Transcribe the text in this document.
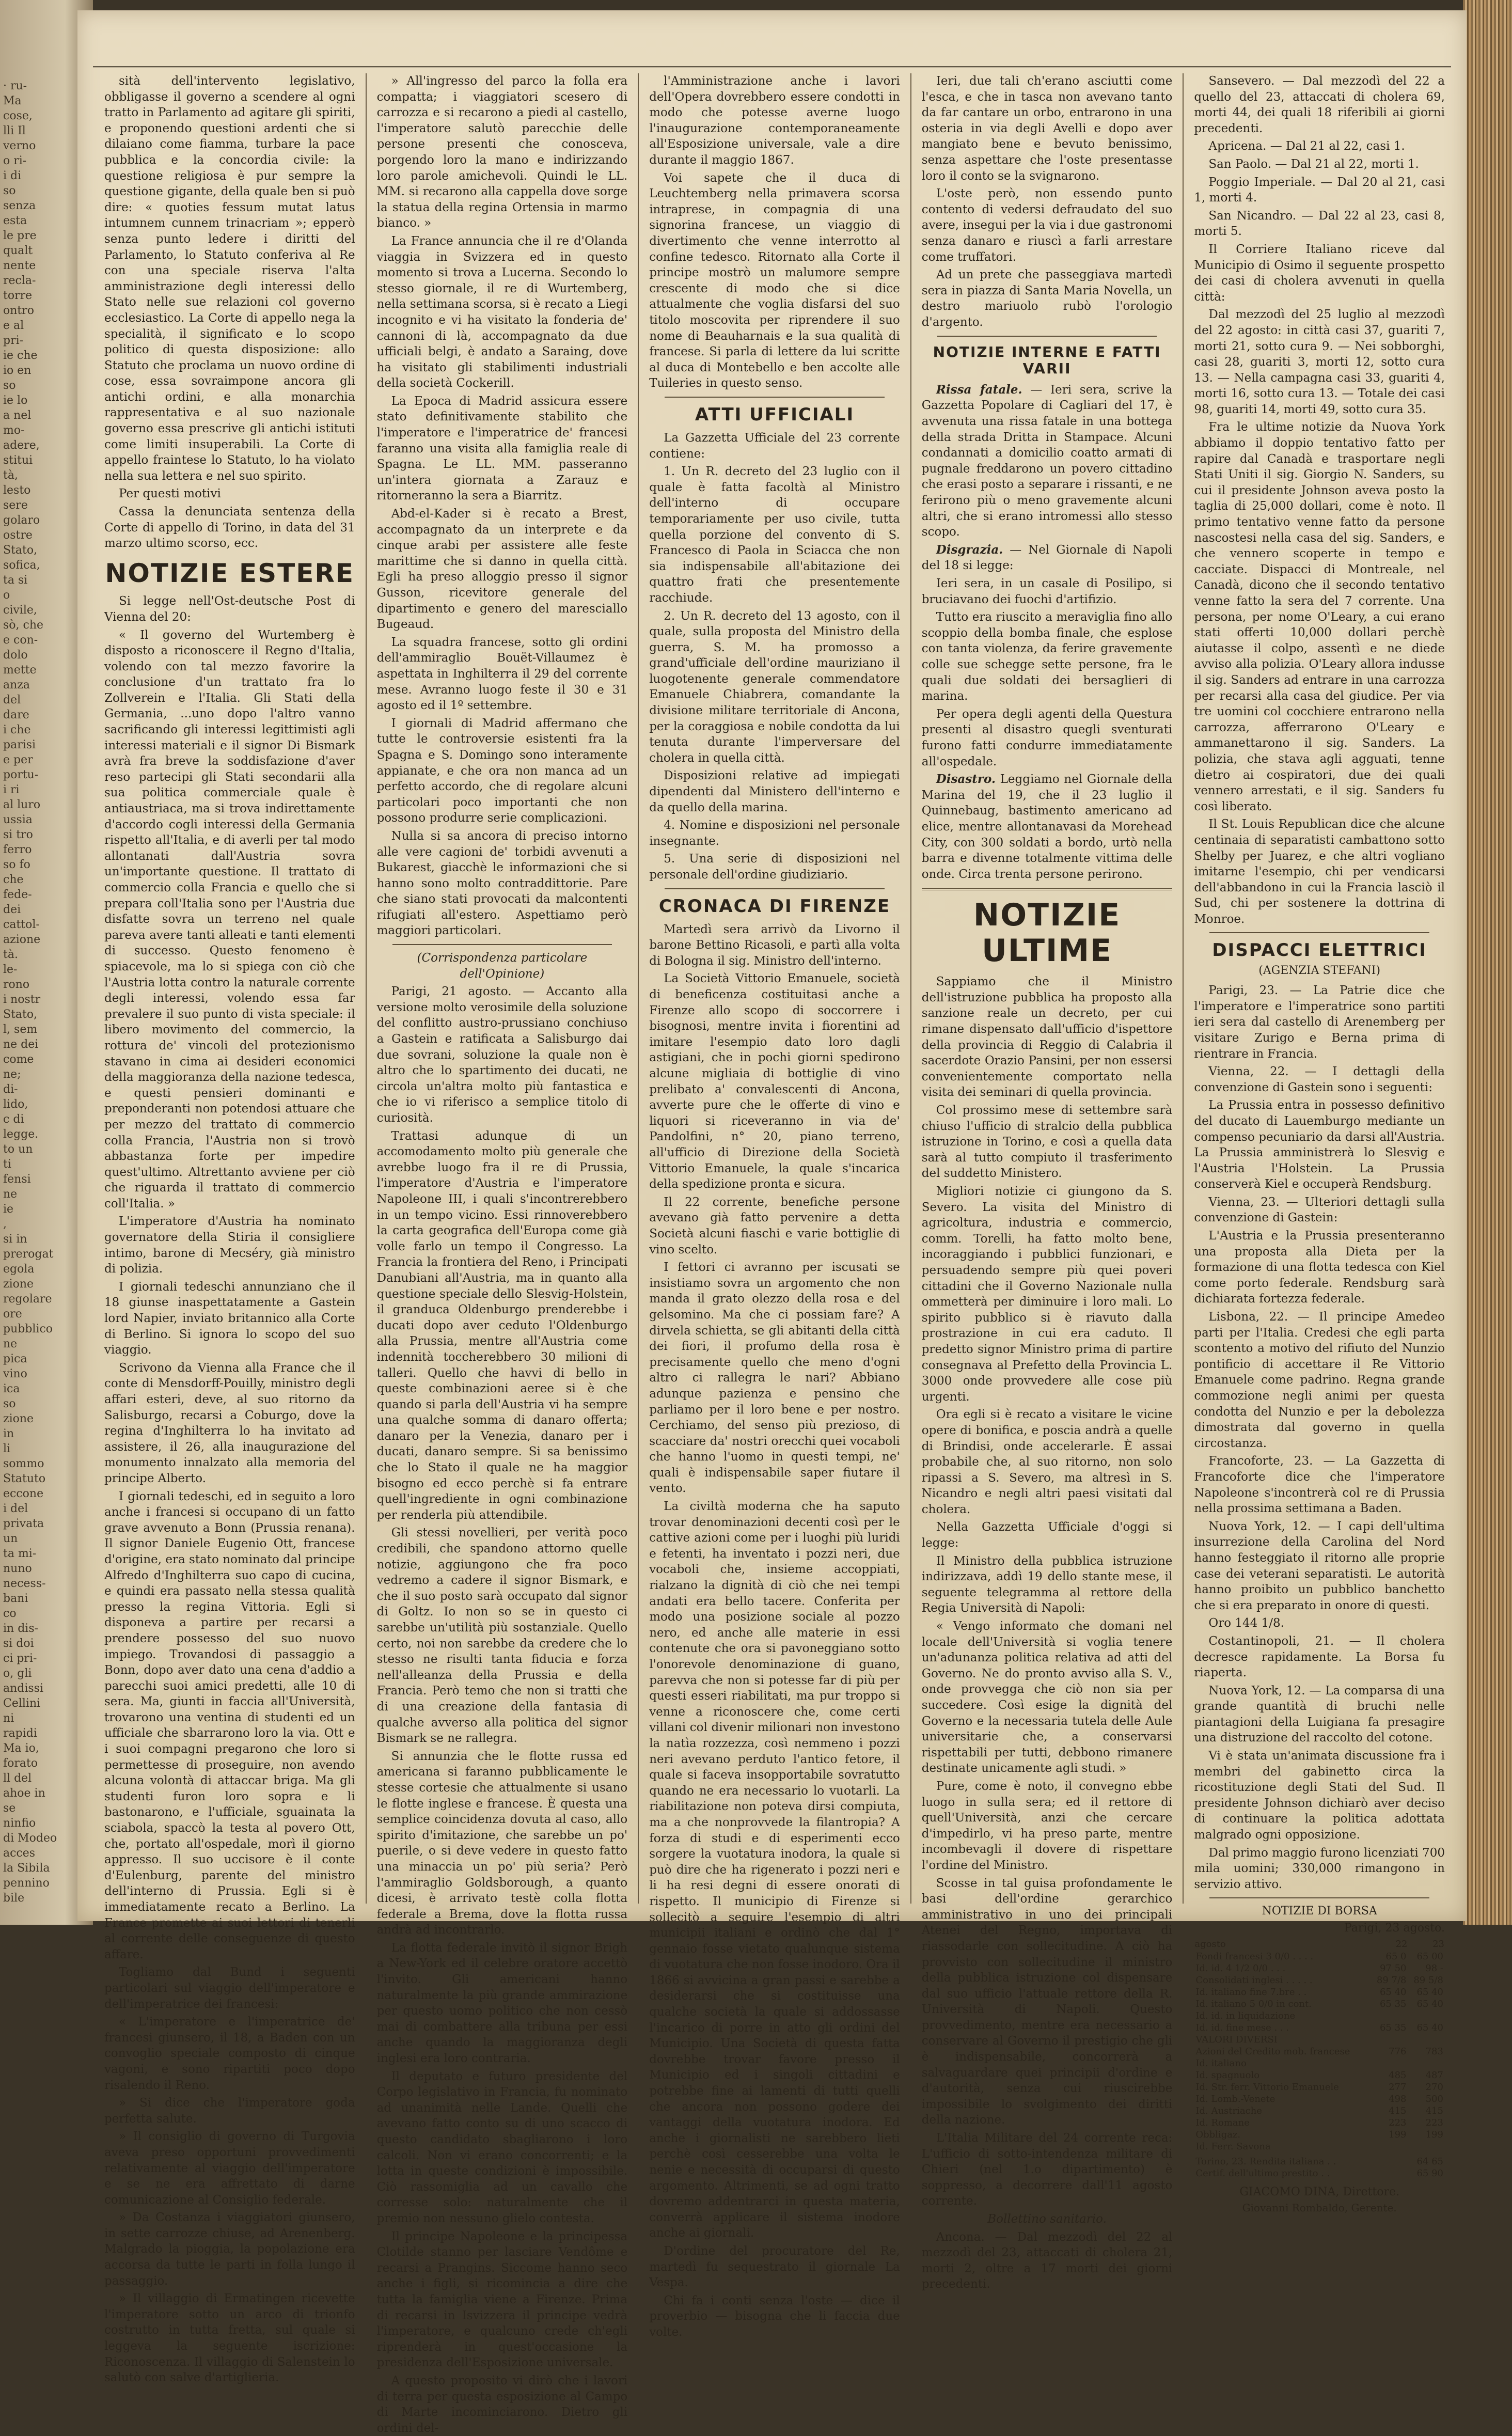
· ru-
Ma
cose,
lli Il
verno
o ri-
i di
so
senza
esta
le pre
qualt
nente
recla-
torre
ontro
e al
pri-
ie che
io en
so
ie lo
a nel
mo-
adere,
stitui
tà,
lesto
sere
golaro
ostre
Stato,
sofica,
ta si
o
civile,
sò, che
e con-
dolo
mette
anza
del
dare
i che
parisi
e per
portu-
i ri
al luro
ussia
si tro
ferro
so fo
che
fede-
dei
cattol-
azione
tà.
le-
rono
i nostr
Stato,
l, sem
ne dei
come
ne;
di-
lido,
c di
legge.
to un
ti
fensi
ne
ie
,
si in
prerogat
egola
zione
regolare
ore
pubblico
ne
pica
vino
ica
so
zione
in
li
sommo
Statuto
eccone
i del
privata
un
ta mi-
nuno
necess-
bani
co
in dis-
si doi
ci pri-
o, gli
andissi
Cellini
ni
rapidi
Ma io,
forato
ll del
ahoe in
se
ninfio
di Modeo
acces
la Sibila
pennino
bile

sità dell'intervento legislativo, obbligasse il governo a scendere al ogni tratto in Parlamento ad agitare gli spiriti, e proponendo questioni ardenti che si dilaiano come fiamma, turbare la pace pubblica e la concordia civile: la questione religiosa è pur sempre la questione gigante, della quale ben si può dire: « quoties fessum mutat latus intumnem cunnem trinacriam »; epperò senza punto ledere i diritti del Parlamento, lo Statuto conferiva al Re con una speciale riserva l'alta amministrazione degli interessi dello Stato nelle sue relazioni col governo ecclesiastico. La Corte di appello nega la specialità, il significato e lo scopo politico di questa disposizione: allo Statuto che proclama un nuovo ordine di cose, essa sovraimpone ancora gli antichi ordini, e alla monarchia rappresentativa e al suo nazionale governo essa prescrive gli antichi istituti come limiti insuperabili. La Corte di appello fraintese lo Statuto, lo ha violato nella sua lettera e nel suo spirito.

Per questi motivi

Cassa la denunciata sentenza della Corte di appello di Torino, in data del 31 marzo ultimo scorso, ecc.

NOTIZIE ESTERE

Si legge nell'Ost-deutsche Post di Vienna del 20:

« Il governo del Wurtemberg è disposto a riconoscere il Regno d'Italia, volendo con tal mezzo favorire la conclusione d'un trattato fra lo Zollverein e l'Italia. Gli Stati della Germania, ...uno dopo l'altro vanno sacrificando gli interessi legittimisti agli interessi materiali e il signor Di Bismark avrà fra breve la soddisfazione d'aver reso partecipi gli Stati secondarii alla sua politica commerciale quale è antiaustriaca, ma si trova indirettamente d'accordo cogli interessi della Germania rispetto all'Italia, e di averli per tal modo allontanati dall'Austria sovra un'importante questione. Il trattato di commercio colla Francia e quello che si prepara coll'Italia sono per l'Austria due disfatte sovra un terreno nel quale pareva avere tanti alleati e tanti elementi di successo. Questo fenomeno è spiacevole, ma lo si spiega con ciò che l'Austria lotta contro la naturale corrente degli interessi, volendo essa far prevalere il suo punto di vista speciale: il libero movimento del commercio, la rottura de' vincoli del protezionismo stavano in cima ai desideri economici della maggioranza della nazione tedesca, e questi pensieri dominanti e preponderanti non potendosi attuare che per mezzo del trattato di commercio colla Francia, l'Austria non si trovò abbastanza forte per impedire quest'ultimo. Altrettanto avviene per ciò che riguarda il trattato di commercio coll'Italia. »

L'imperatore d'Austria ha nominato governatore della Stiria il consigliere intimo, barone di Mecséry, già ministro di polizia.

I giornali tedeschi annunziano che il 18 giunse inaspettatamente a Gastein lord Napier, inviato britannico alla Corte di Berlino. Si ignora lo scopo del suo viaggio.

Scrivono da Vienna alla France che il conte di Mensdorff-Pouilly, ministro degli affari esteri, deve, al suo ritorno da Salisburgo, recarsi a Coburgo, dove la regina d'Inghilterra lo ha invitato ad assistere, il 26, alla inaugurazione del monumento innalzato alla memoria del principe Alberto.

I giornali tedeschi, ed in seguito a loro anche i francesi si occupano di un fatto grave avvenuto a Bonn (Prussia renana). Il signor Daniele Eugenio Ott, francese d'origine, era stato nominato dal principe Alfredo d'Inghilterra suo capo di cucina, e quindi era passato nella stessa qualità presso la regina Vittoria. Egli si disponeva a partire per recarsi a prendere possesso del suo nuovo impiego. Trovandosi di passaggio a Bonn, dopo aver dato una cena d'addio a parecchi suoi amici predetti, alle 10 di sera. Ma, giunti in faccia all'Università, trovarono una ventina di studenti ed un ufficiale che sbarrarono loro la via. Ott e i suoi compagni pregarono che loro si permettesse di proseguire, non avendo alcuna volontà di attaccar briga. Ma gli studenti furon loro sopra e li bastonarono, e l'ufficiale, sguainata la sciabola, spaccò la testa al povero Ott, che, portato all'ospedale, morì il giorno appresso. Il suo uccisore è il conte d'Eulenburg, parente del ministro dell'interno di Prussia. Egli si è immediatamente recato a Berlino. La France promette ai suoi lettori di tenerli al corrente delle conseguenze di questo affare.

Togliamo dal Bund i seguenti particolari sul viaggio dell'imperatore e dell'imperatrice dei francesi:

« L'imperatore e l'imperatrice de' francesi giunsero, il 18, a Baden con un convoglio speciale composto di cinque vagoni, e sono ripartiti poco dopo risalendo il Reno.

» Si dice che l'imperatore goda perfetta salute.

» Il consiglio di governo di Turgovia aveva preso opportuni provvedimenti relativamente al viaggio dell'imperatore e se ne era affrettato di darne comunicazione al Consiglio federale.

» Da Costanza i viaggiatori giunsero, in sette carrozze chiuse, ad Arenenberg. Malgrado la pioggia, la popolazione era accorsa da tutte le parti in folla lungo il passaggio.

» Il villaggio di Ermatingen ricevette l'imperatore sotto un arco di trionfo costrutto in tutta fretta, sul quale si leggeva la seguente iscrizione: Riconoscenza. Il villaggio di Salenstein lo salutò con salve d'artiglieria.

» All'ingresso del parco la folla era compatta; i viaggiatori scesero di carrozza e si recarono a piedi al castello, l'imperatore salutò parecchie delle persone presenti che conosceva, porgendo loro la mano e indirizzando loro parole amichevoli. Quindi le LL. MM. si recarono alla cappella dove sorge la statua della regina Ortensia in marmo bianco. »

La France annuncia che il re d'Olanda viaggia in Svizzera ed in questo momento si trova a Lucerna. Secondo lo stesso giornale, il re di Wurtemberg, nella settimana scorsa, si è recato a Liegi incognito e vi ha visitato la fonderia de' cannoni di là, accompagnato da due ufficiali belgi, è andato a Saraing, dove ha visitato gli stabilimenti industriali della società Cockerill.

La Epoca di Madrid assicura essere stato definitivamente stabilito che l'imperatore e l'imperatrice de' francesi faranno una visita alla famiglia reale di Spagna. Le LL. MM. passeranno un'intera giornata a Zarauz e ritorneranno la sera a Biarritz.

Abd-el-Kader si è recato a Brest, accompagnato da un interprete e da cinque arabi per assistere alle feste marittime che si danno in quella città. Egli ha preso alloggio presso il signor Gusson, ricevitore generale del dipartimento e genero del maresciallo Bugeaud.

La squadra francese, sotto gli ordini dell'ammiraglio Bouët-Villaumez è aspettata in Inghilterra il 29 del corrente mese. Avranno luogo feste il 30 e 31 agosto ed il 1º settembre.

I giornali di Madrid affermano che tutte le controversie esistenti fra la Spagna e S. Domingo sono interamente appianate, e che ora non manca ad un perfetto accordo, che di regolare alcuni particolari poco importanti che non possono produrre serie complicazioni.

Nulla si sa ancora di preciso intorno alle vere cagioni de' torbidi avvenuti a Bukarest, giacchè le informazioni che si hanno sono molto contraddittorie. Pare che siano stati provocati da malcontenti rifugiati all'estero. Aspettiamo però maggiori particolari.

(Corrispondenza particolare dell'Opinione)

Parigi, 21 agosto. — Accanto alla versione molto verosimile della soluzione del conflitto austro-prussiano conchiuso a Gastein e ratificata a Salisburgo dai due sovrani, soluzione la quale non è altro che lo spartimento dei ducati, ne circola un'altra molto più fantastica e che io vi riferisco a semplice titolo di curiosità.

Trattasi adunque di un accomodamento molto più generale che avrebbe luogo fra il re di Prussia, l'imperatore d'Austria e l'imperatore Napoleone III, i quali s'incontrerebbero in un tempo vicino. Essi rinnoverebbero la carta geografica dell'Europa come già volle farlo un tempo il Congresso. La Francia la frontiera del Reno, i Principati Danubiani all'Austria, ma in quanto alla questione speciale dello Slesvig-Holstein, il granduca Oldenburgo prenderebbe i ducati dopo aver ceduto l'Oldenburgo alla Prussia, mentre all'Austria come indennità toccherebbero 30 milioni di talleri. Quello che havvi di bello in queste combinazioni aeree si è che quando si parla dell'Austria vi ha sempre una qualche somma di danaro offerta; danaro per la Venezia, danaro per i ducati, danaro sempre. Si sa benissimo che lo Stato il quale ne ha maggior bisogno ed ecco perchè si fa entrare quell'ingrediente in ogni combinazione per renderla più attendibile.

Gli stessi novellieri, per verità poco credibili, che spandono attorno quelle notizie, aggiungono che fra poco vedremo a cadere il signor Bismark, e che il suo posto sarà occupato dal signor di Goltz. Io non so se in questo ci sarebbe un'utilità più sostanziale. Quello certo, noi non sarebbe da credere che lo stesso ne risulti tanta fiducia e forza nell'alleanza della Prussia e della Francia. Però temo che non si tratti che di una creazione della fantasia di qualche avverso alla politica del signor Bismark se ne rallegra.

Si annunzia che le flotte russa ed americana si faranno pubblicamente le stesse cortesie che attualmente si usano le flotte inglese e francese. È questa una semplice coincidenza dovuta al caso, allo spirito d'imitazione, che sarebbe un po' puerile, o si deve vedere in questo fatto una minaccia un po' più seria? Però l'ammiraglio Goldsborough, a quanto dicesi, è arrivato testè colla flotta federale a Brema, dove la flotta russa andrà ad incontrarlo.

La flotta federale invitò il signor Brigh a New-York ed il celebre oratore accettò l'invito. Gli americani hanno naturalmente la più grande ammirazione per questo uomo politico che non cessò mai di combattere alla tribuna per essi anche quando la maggioranza degli inglesi era loro contraria.

Il deputato e futuro presidente del Corpo legislativo in Francia, fu nominato ad unanimità nelle Lande. Quelli che avevano fatto conto su di uno scacco di questo candidato sbagliarono i loro calcoli. Non vi erano concorrenti; e la lotta in queste condizioni è impossibile. Ciò rassomiglia ad un cavallo che corresse solo: naturalmente che il premio non nessuno glielo contesta.

Il principe Napoleone e la principessa Clotilde stanno per lasciare Vendôme e recarsi a Prangins. Siccome hanno seco anche i figli, si ricomincia a dire che tutta la famiglia viene a Firenze. Prima di recarsi in Isvizzera il principe vedrà l'imperatore, e qualcuno crede ch'egli riprenderà in quest'occasione la presidenza dell'Esposizione universale.

A questo proposito vi dirò che i lavori di terra per questa esposizione al Campo di Marte incominciarono. Dietro gli ordini del-

l'Amministrazione anche i lavori dell'Opera dovrebbero essere condotti in modo che potesse averne luogo l'inaugurazione contemporaneamente all'Esposizione universale, vale a dire durante il maggio 1867.

Voi sapete che il duca di Leuchtemberg nella primavera scorsa intraprese, in compagnia di una signorina francese, un viaggio di divertimento che venne interrotto al confine tedesco. Ritornato alla Corte il principe mostrò un malumore sempre crescente di modo che si dice attualmente che voglia disfarsi del suo titolo moscovita per riprendere il suo nome di Beauharnais e la sua qualità di francese. Si parla di lettere da lui scritte al duca di Montebello e ben accolte alle Tuileries in questo senso.

ATTI UFFICIALI

La Gazzetta Ufficiale del 23 corrente contiene:

1. Un R. decreto del 23 luglio con il quale è fatta facoltà al Ministro dell'interno di occupare temporariamente per uso civile, tutta quella porzione del convento di S. Francesco di Paola in Sciacca che non sia indispensabile all'abitazione dei quattro frati che presentemente racchiude.

2. Un R. decreto del 13 agosto, con il quale, sulla proposta del Ministro della guerra, S. M. ha promosso a grand'ufficiale dell'ordine mauriziano il luogotenente generale commendatore Emanuele Chiabrera, comandante la divisione militare territoriale di Ancona, per la coraggiosa e nobile condotta da lui tenuta durante l'imperversare del cholera in quella città.

Disposizioni relative ad impiegati dipendenti dal Ministero dell'interno e da quello della marina.

4. Nomine e disposizioni nel personale insegnante.

5. Una serie di disposizioni nel personale dell'ordine giudiziario.

CRONACA DI FIRENZE

Martedì sera arrivò da Livorno il barone Bettino Ricasoli, e partì alla volta di Bologna il sig. Ministro dell'interno.

La Società Vittorio Emanuele, società di beneficenza costituitasi anche a Firenze allo scopo di soccorrere i bisognosi, mentre invita i fiorentini ad imitare l'esempio dato loro dagli astigiani, che in pochi giorni spedirono alcune migliaia di bottiglie di vino prelibato a' convalescenti di Ancona, avverte pure che le offerte di vino e liquori si riceveranno in via de' Pandolfini, n° 20, piano terreno, all'ufficio di Direzione della Società Vittorio Emanuele, la quale s'incarica della spedizione pronta e sicura.

Il 22 corrente, benefiche persone avevano già fatto pervenire a detta Società alcuni fiaschi e varie bottiglie di vino scelto.

I fettori ci avranno per iscusati se insistiamo sovra un argomento che non manda il grato olezzo della rosa e del gelsomino. Ma che ci possiam fare? A dirvela schietta, se gli abitanti della città dei fiori, il profumo della rosa è precisamente quello che meno d'ogni altro ci rallegra le nari? Abbiano adunque pazienza e pensino che parliamo per il loro bene e per nostro. Cerchiamo, del senso più prezioso, di scacciare da' nostri orecchi quei vocaboli che hanno l'uomo in questi tempi, ne' quali è indispensabile saper fiutare il vento.

La civiltà moderna che ha saputo trovar denominazioni decenti così per le cattive azioni come per i luoghi più luridi e fetenti, ha inventato i pozzi neri, due vocaboli che, insieme accoppiati, rialzano la dignità di ciò che nei tempi andati era bello tacere. Conferita per modo una posizione sociale al pozzo nero, ed anche alle materie in essi contenute che ora si pavoneggiano sotto l'onorevole denominazione di guano, parevva che non si potesse far di più per questi esseri riabilitati, ma pur troppo si venne a riconoscere che, come certi villani col divenir milionari non investono la natìa rozzezza, così nemmeno i pozzi neri avevano perduto l'antico fetore, il quale si faceva insopportabile sovratutto quando ne era necessario lo vuotarli. La riabilitazione non poteva dirsi compiuta, ma a che nonprovvede la filantropia? A forza di studi e di esperimenti ecco sorgere la vuotatura inodora, la quale si può dire che ha rigenerato i pozzi neri e li ha resi degni di essere onorati di rispetto. Il municipio di Firenze si sollecitò a seguire l'esempio di altri municipii italiani e ordinò che dal 1° gennaio fosse vietato qualunque sistema di vuotatura che non fosse inodoro. Ora il 1866 si avvicina a gran passi e sarebbe a desiderarsi che si costituisse una qualche società la quale si addossasse l'incarico di porre in atto gli ordini del Municipio. Una Società di questa fatta dovrebbe trovar favore presso il Municipio ed i singoli cittadini e potrebbe fine ai lamenti di tutti quelli che ancora non possono godere dei vantaggi della vuotatura inodora. Ed anche i giornalisti ne sarebbero lieti perchè così cesserebbe una volta le nenie e necessità di occuparsi di questo argomento. Altrimenti, se ad ogni tratto dovremo addentrarci in questa materia, converrà applicare il sistema inodore anche ai giornali.

D'ordine del procuratore del Re, martedì fu sequestrato il giornale La Vespa.

Chi fa i conti senza l'oste — dice il proverbio — bisogna che li faccia due volte.

Ieri, due tali ch'erano asciutti come l'esca, e che in tasca non avevano tanto da far cantare un orbo, entrarono in una osteria in via degli Avelli e dopo aver mangiato bene e bevuto benissimo, senza aspettare che l'oste presentasse loro il conto se la svignarono.

L'oste però, non essendo punto contento di vedersi defraudato del suo avere, insegui per la via i due gastronomi senza danaro e riuscì a farli arrestare come truffatori.

Ad un prete che passeggiava martedì sera in piazza di Santa Maria Novella, un destro mariuolo rubò l'orologio d'argento.

NOTIZIE INTERNE E FATTI VARII

Rissa fatale. — Ieri sera, scrive la Gazzetta Popolare di Cagliari del 17, è avvenuta una rissa fatale in una bottega della strada Dritta in Stampace. Alcuni condannati a domicilio coatto armati di pugnale freddarono un povero cittadino che erasi posto a separare i rissanti, e ne ferirono più o meno gravemente alcuni altri, che si erano intromessi allo stesso scopo.

Disgrazia. — Nel Giornale di Napoli del 18 si legge:

Ieri sera, in un casale di Posilipo, si bruciavano dei fuochi d'artifizio.

Tutto era riuscito a meraviglia fino allo scoppio della bomba finale, che esplose con tanta violenza, da ferire gravemente colle sue schegge sette persone, fra le quali due soldati dei bersaglieri di marina.

Per opera degli agenti della Questura presenti al disastro quegli sventurati furono fatti condurre immediatamente all'ospedale.

Disastro. Leggiamo nel Giornale della Marina del 19, che il 23 luglio il Quinnebaug, bastimento americano ad elice, mentre allontanavasi da Morehead City, con 300 soldati a bordo, urtò nella barra e divenne totalmente vittima delle onde. Circa trenta persone perirono.

NOTIZIE ULTIME

Sappiamo che il Ministro dell'istruzione pubblica ha proposto alla sanzione reale un decreto, per cui rimane dispensato dall'ufficio d'ispettore della provincia di Reggio di Calabria il sacerdote Orazio Pansini, per non essersi convenientemente comportato nella visita dei seminari di quella provincia.

Col prossimo mese di settembre sarà chiuso l'ufficio di stralcio della pubblica istruzione in Torino, e così a quella data sarà al tutto compiuto il trasferimento del suddetto Ministero.

Migliori notizie ci giungono da S. Severo. La visita del Ministro di agricoltura, industria e commercio, comm. Torelli, ha fatto molto bene, incoraggiando i pubblici funzionari, e persuadendo sempre più quei poveri cittadini che il Governo Nazionale nulla ommetterà per diminuire i loro mali. Lo spirito pubblico si è riavuto dalla prostrazione in cui era caduto. Il predetto signor Ministro prima di partire consegnava al Prefetto della Provincia L. 3000 onde provvedere alle cose più urgenti.

Ora egli si è recato a visitare le vicine opere di bonifica, e poscia andrà a quelle di Brindisi, onde accelerarle. È assai probabile che, al suo ritorno, non solo ripassi a S. Severo, ma altresì in S. Nicandro e negli altri paesi visitati dal cholera.

Nella Gazzetta Ufficiale d'oggi si legge:

Il Ministro della pubblica istruzione indirizzava, addì 19 dello stante mese, il seguente telegramma al rettore della Regia Università di Napoli:

« Vengo informato che domani nel locale dell'Università si voglia tenere un'adunanza politica relativa ad atti del Governo. Ne do pronto avviso alla S. V., onde provvegga che ciò non sia per succedere. Così esige la dignità del Governo e la necessaria tutela delle Aule universitarie che, a conservarsi rispettabili per tutti, debbono rimanere destinate unicamente agli studi. »

Pure, come è noto, il convegno ebbe luogo in sulla sera; ed il rettore di quell'Università, anzi che cercare d'impedirlo, vi ha preso parte, mentre incombevagli il dovere di rispettare l'ordine del Ministro.

Scosse in tal guisa profondamente le basi dell'ordine gerarchico amministrativo in uno dei principali Atenei del Regno, importava di riassodarle con sollecitudine. A ciò ha provvisto con sollecitudine il ministro della pubblica istruzione col dispensare dal suo ufficio l'attuale rettore della R. Università di Napoli. Questo provvedimento, mentre era necessario a conservare al Governo il prestigio che gli è indispensabile, concorrerà a salvaguardare quei principii d'ordine e d'autorità, senza cui riuscirebbe impossibile lo svolgimento dei diritti della nazione.

L'Italia Militare del 24 corrente reca: L'ufficio di sotto-intendenza militare di Chieri (nel 1.o dipartimento) è soppresso, a decorrere dall'11 agosto corrente.

Bollettino sanitario.

Ancona. — Dal mezzodì del 22 al mezzodì del 23, attaccati di cholera 21, morti 2, oltre a 17 morti dei giorni precedenti.

Sansevero. — Dal mezzodì del 22 a quello del 23, attaccati di cholera 69, morti 44, dei quali 18 riferibili ai giorni precedenti.

Apricena. — Dal 21 al 22, casi 1.

San Paolo. — Dal 21 al 22, morti 1.

Poggio Imperiale. — Dal 20 al 21, casi 1, morti 4.

San Nicandro. — Dal 22 al 23, casi 8, morti 5.

Il Corriere Italiano riceve dal Municipio di Osimo il seguente prospetto dei casi di cholera avvenuti in quella città:

Dal mezzodì del 25 luglio al mezzodì del 22 agosto: in città casi 37, guariti 7, morti 21, sotto cura 9. — Nei sobborghi, casi 28, guariti 3, morti 12, sotto cura 13. — Nella campagna casi 33, guariti 4, morti 16, sotto cura 13. — Totale dei casi 98, guariti 14, morti 49, sotto cura 35.

Fra le ultime notizie da Nuova York abbiamo il doppio tentativo fatto per rapire dal Canadà e trasportare negli Stati Uniti il sig. Giorgio N. Sanders, su cui il presidente Johnson aveva posto la taglia di 25,000 dollari, come è noto. Il primo tentativo venne fatto da persone nascostesi nella casa del sig. Sanders, e che vennero scoperte in tempo e cacciate. Dispacci di Montreale, nel Canadà, dicono che il secondo tentativo venne fatto la sera del 7 corrente. Una persona, per nome O'Leary, a cui erano stati offerti 10,000 dollari perchè aiutasse il colpo, assentì e ne diede avviso alla polizia. O'Leary allora indusse il sig. Sanders ad entrare in una carrozza per recarsi alla casa del giudice. Per via tre uomini col cocchiere entrarono nella carrozza, afferrarono O'Leary e ammanettarono il sig. Sanders. La polizia, che stava agli agguati, tenne dietro ai cospiratori, due dei quali vennero arrestati, e il sig. Sanders fu così liberato.

Il St. Louis Republican dice che alcune centinaia di separatisti cambattono sotto Shelby per Juarez, e che altri vogliano imitarne l'esempio, chi per vendicarsi dell'abbandono in cui la Francia lasciò il Sud, chi per sostenere la dottrina di Monroe.

DISPACCI ELETTRICI
(AGENZIA STEFANI)

Parigi, 23. — La Patrie dice che l'imperatore e l'imperatrice sono partiti ieri sera dal castello di Arenemberg per visitare Zurigo e Berna prima di rientrare in Francia.

Vienna, 22. — I dettagli della convenzione di Gastein sono i seguenti:

La Prussia entra in possesso definitivo del ducato di Lauemburgo mediante un compenso pecuniario da darsi all'Austria. La Prussia amministrerà lo Slesvig e l'Austria l'Holstein. La Prussia conserverà Kiel e occuperà Rendsburg.

Vienna, 23. — Ulteriori dettagli sulla convenzione di Gastein:

L'Austria e la Prussia presenteranno una proposta alla Dieta per la formazione di una flotta tedesca con Kiel come porto federale. Rendsburg sarà dichiarata fortezza federale.

Lisbona, 22. — Il principe Amedeo parti per l'Italia. Credesi che egli parta scontento a motivo del rifiuto del Nunzio pontificio di accettare il Re Vittorio Emanuele come padrino. Regna grande commozione negli animi per questa condotta del Nunzio e per la debolezza dimostrata dal governo in quella circostanza.

Francoforte, 23. — La Gazzetta di Francoforte dice che l'imperatore Napoleone s'incontrerà col re di Prussia nella prossima settimana a Baden.

Nuova York, 12. — I capi dell'ultima insurrezione della Carolina del Nord hanno festeggiato il ritorno alle proprie case dei veterani separatisti. Le autorità hanno proibito un pubblico banchetto che si era preparato in onore di questi.

Oro 144 1/8.

Costantinopoli, 21. — Il cholera decresce rapidamente. La Borsa fu riaperta.

Nuova York, 12. — La comparsa di una grande quantità di bruchi nelle piantagioni della Luigiana fa presagire una distruzione del raccolto del cotone.

Vi è stata un'animata discussione fra i membri del gabinetto circa la ricostituzione degli Stati del Sud. Il presidente Johnson dichiarò aver deciso di continuare la politica adottata malgrado ogni opposizione.

Dal primo maggio furono licenziati 700 mila uomini; 330,000 rimangono in servizio attivo.

NOTIZIE DI BORSA
Parigi, 23 agosto.
agosto	22	23
Fondi francesi 3 0/0 . . . .	65 0	65 00
Id. id. 4 1/2 0/0 . . .	97 50	98 -
Consolidati inglesi . . . . .	89 7/8	89 5/8
Id. italiano fine 7.bre . .	65 40	65 40
Id. italiano 5 0/0 in cont.	65 35	65 40
Id. id. in liquidazione		
Id. id. fine mese . . .	65 35	65 40
VALORI DIVERSI		
Azioni del Credito mob. francese	776	783
Id. italiano		
Id. spagnuolo	485	487
Id. Str. ferr. Vittorio Emanuele	277	270
Id. Lomb.-Venete	498	500
Id. Austriache	415	415
Id. Romane	223	223
Obbligaz.	199	199
Id. Ferr. Savona		
Torino, 23. Rendita italiana . .	64 65
Certif. dell'ultimo prestito . .	65 90
GIACOMO DINA, Direttore.
Giovanni Rombaldo, Gerente.
